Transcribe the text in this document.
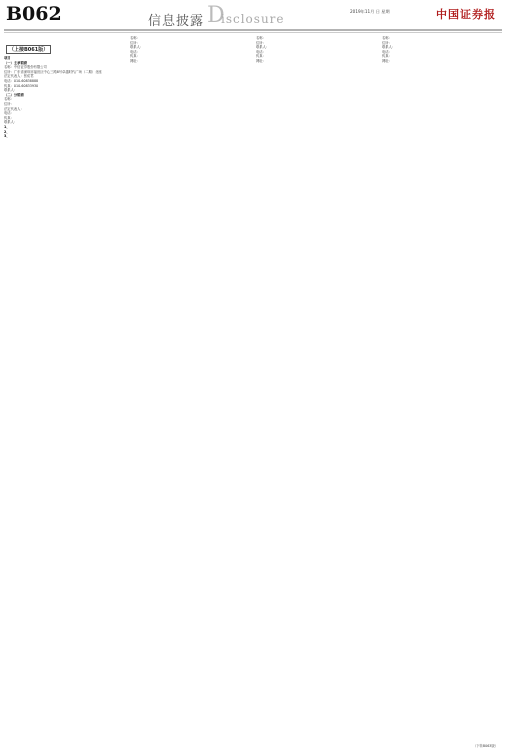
B062	信息披露 D
isclosure
2019年11月 日 星期	中国证券报
（上接B061版）
项目
（一）主承销商
名称：中信证券股份有限公司
住所：广东省深圳市福田区中心三路8号卓越时代广场（二期）北座
法定代表人：张佑君
电话：010-60838888
传真：010-60833930
联系人：
（二）分销商
名称：
住所：
法定代表人：
电话：
传真：
联系人：
1、
2、
3、
名称：
住所：
联系人：
电话：
传真：
网址：
名称：
住所：
联系人：
电话：
传真：
网址：
名称：
住所：
联系人：
电话：
传真：
网址：
（下转B063版）
